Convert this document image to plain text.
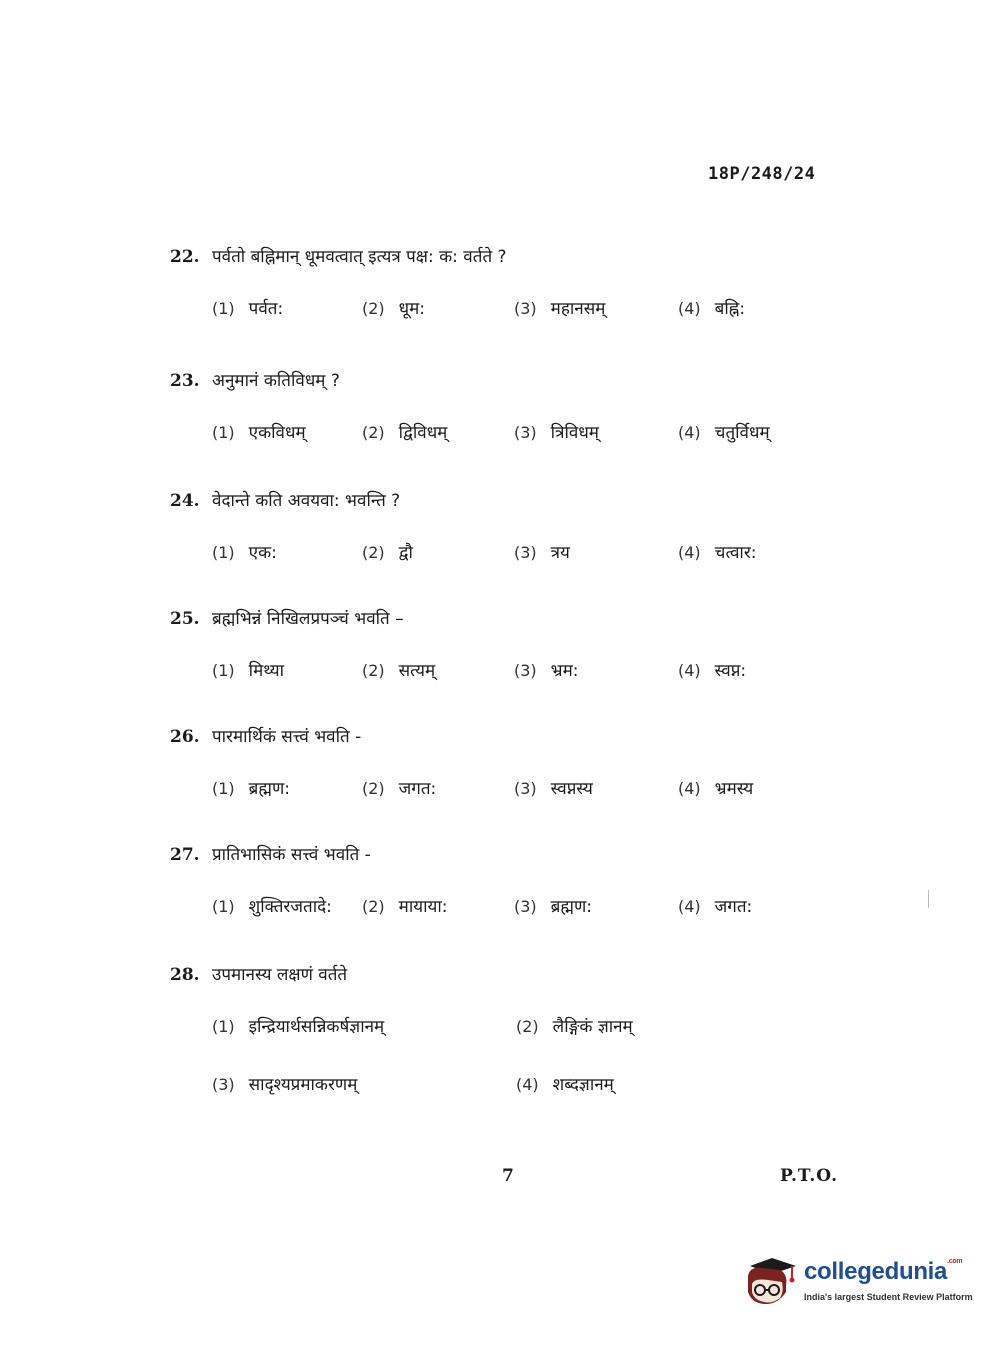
18P/248/24
22. पर्वतो बह्निमान् धूमवत्वात् इत्यत्र पक्ष: क: वर्तते ?
(1) पर्वत:	(2) धूम:	(3) महानसम्	(4) बह्नि:
23. अनुमानं कतिविधम् ?
(1) एकविधम्	(2) द्विविधम्	(3) त्रिविधम्	(4) चतुर्विधम्
24. वेदान्ते कति अवयवा: भवन्ति ?
(1) एक:	(2) द्वौ	(3) त्रय	(4) चत्वार:
25. ब्रह्मभिन्नं निखिलप्रपञ्चं भवति –
(1) मिथ्या	(2) सत्यम्	(3) भ्रम:	(4) स्वप्न:
26. पारमार्थिकं सत्त्वं भवति -
(1) ब्रह्मण:	(2) जगत:	(3) स्वप्नस्य	(4) भ्रमस्य
27. प्रातिभासिकं सत्त्वं भवति -
(1) शुक्तिरजतादे: (2) मायाया:	(3) ब्रह्मण:	(4) जगत:
28. उपमानस्य लक्षणं वर्तते
(1) इन्द्रियार्थसन्निकर्षज्ञानम्	(2) लैङ्गिकं ज्ञानम्
(3) सादृश्यप्रमाकरणम्	(4) शब्दज्ञानम्
7	P.T.O.
collegedunia$^{.com}$
India's largest Student Review Platform
